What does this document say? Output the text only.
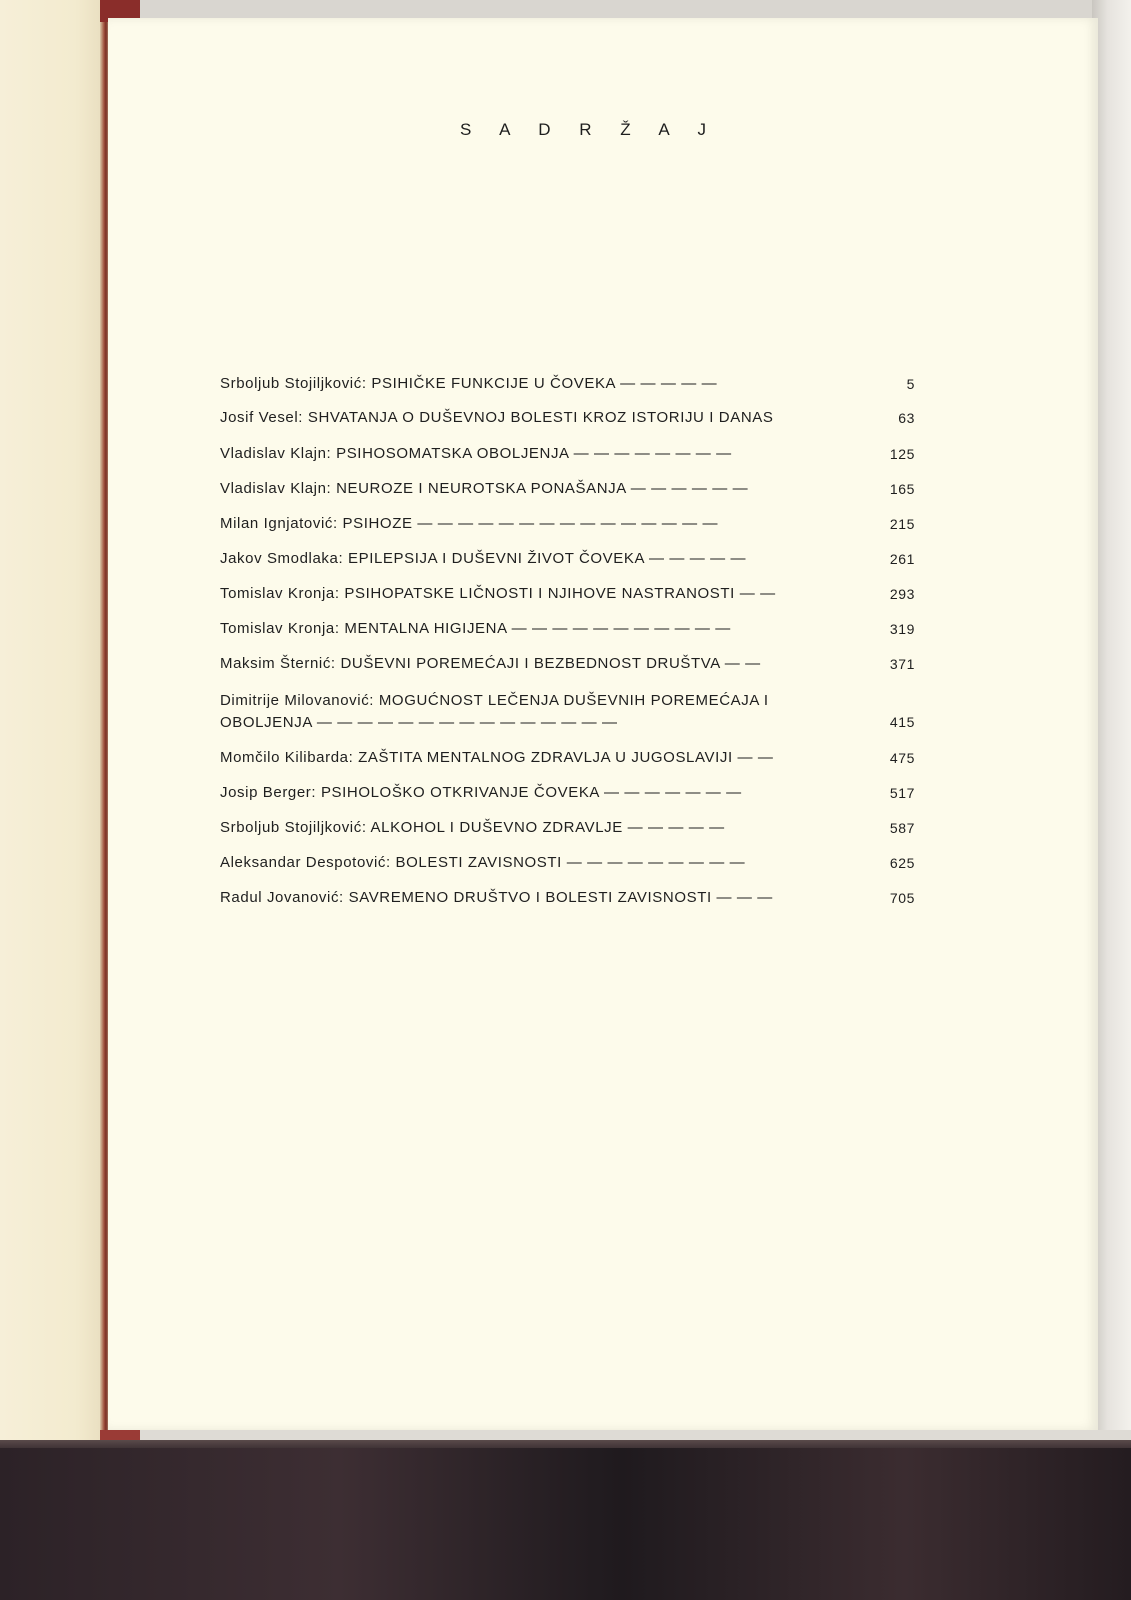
S A D R Ž A J
Srboljub Stojiljković: PSIHIČKE FUNKCIJE U ČOVEKA — — — — —	5
Josif Vesel: SHVATANJA O DUŠEVNOJ BOLESTI KROZ ISTORIJU I DANAS	63
Vladislav Klajn: PSIHOSOMATSKA OBOLJENJA — — — — — — — —	125
Vladislav Klajn: NEUROZE I NEUROTSKA PONAŠANJA — — — — — —	165
Milan Ignjatović: PSIHOZE — — — — — — — — — — — — — — —	215
Jakov Smodlaka: EPILEPSIJA I DUŠEVNI ŽIVOT ČOVEKA — — — — —	261
Tomislav Kronja: PSIHOPATSKE LIČNOSTI I NJIHOVE NASTRANOSTI — —	293
Tomislav Kronja: MENTALNA HIGIJENA — — — — — — — — — — —	319
Maksim Šternić: DUŠEVNI POREMEĆAJI I BEZBEDNOST DRUŠTVA — —	371
Dimitrije Milovanović: MOGUĆNOST LEČENJA DUŠEVNIH POREMEĆAJA I OBOLJENJA — — — — — — — — — — — — — — —	415
Momčilo Kilibarda: ZAŠTITA MENTALNOG ZDRAVLJA U JUGOSLAVIJI — —	475
Josip Berger: PSIHOLOŠKO OTKRIVANJE ČOVEKA — — — — — — —	517
Srboljub Stojiljković: ALKOHOL I DUŠEVNO ZDRAVLJE — — — — —	587
Aleksandar Despotović: BOLESTI ZAVISNOSTI — — — — — — — — —	625
Radul Jovanović: SAVREMENO DRUŠTVO I BOLESTI ZAVISNOSTI — — —	705
